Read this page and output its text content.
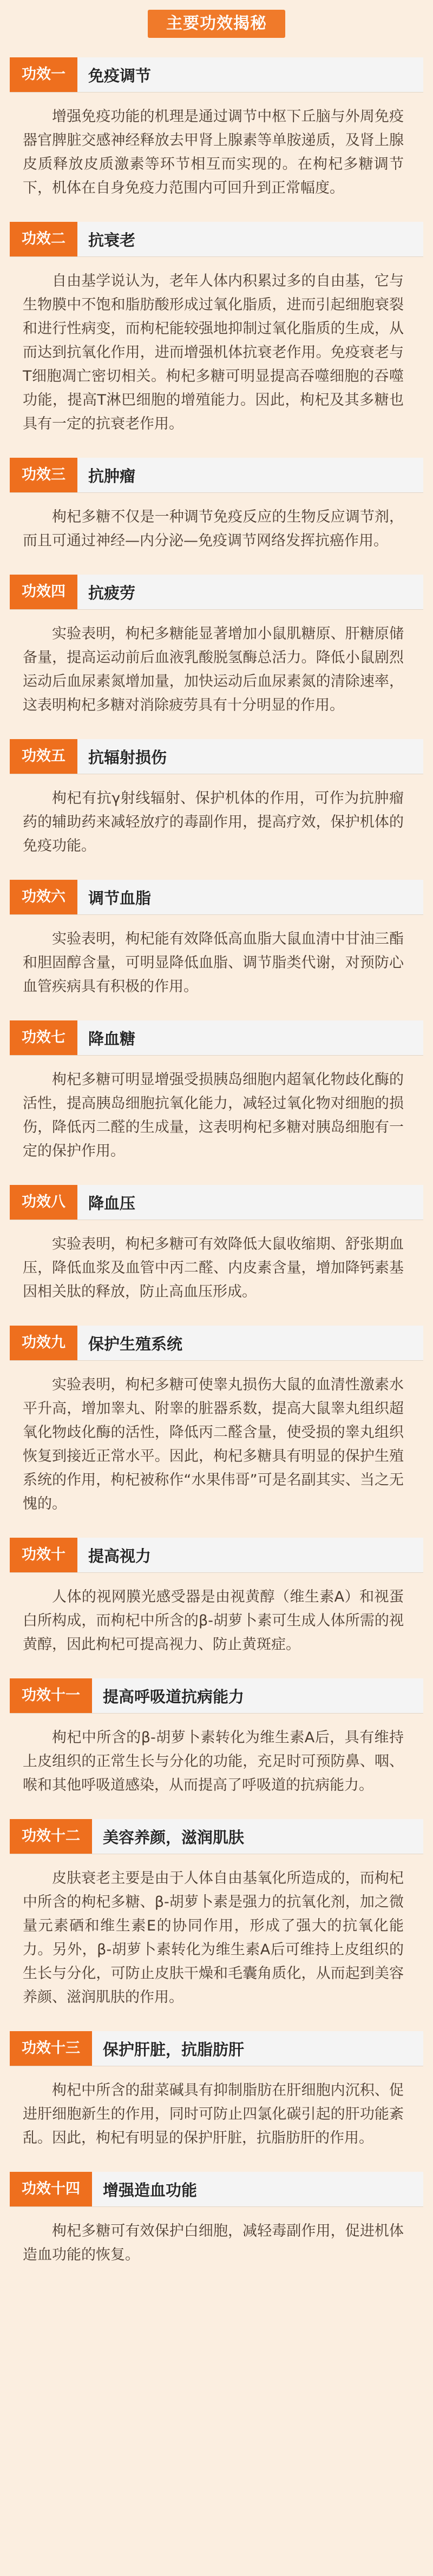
主要功效揭秘
功效一	免疫调节
增强免疫功能的机理是通过调节中枢下丘脑与外周免疫器官脾脏交感神经释放去甲肾上腺素等单胺递质，及肾上腺皮质释放皮质激素等环节相互而实现的。在枸杞多糖调节下，机体在自身免疫力范围内可回升到正常幅度。
功效二	抗衰老
自由基学说认为，老年人体内积累过多的自由基，它与生物膜中不饱和脂肪酸形成过氧化脂质，进而引起细胞衰裂和进行性病变，而枸杞能较强地抑制过氧化脂质的生成，从而达到抗氧化作用，进而增强机体抗衰老作用。免疫衰老与T细胞凋亡密切相关。枸杞多糖可明显提高吞噬细胞的吞噬功能，提高T淋巴细胞的增殖能力。因此，枸杞及其多糖也具有一定的抗衰老作用。
功效三	抗肿瘤
枸杞多糖不仅是一种调节免疫反应的生物反应调节剂，而且可通过神经—内分泌—免疫调节网络发挥抗癌作用。
功效四	抗疲劳
实验表明，枸杞多糖能显著增加小鼠肌糖原、肝糖原储备量，提高运动前后血液乳酸脱氢酶总活力。降低小鼠剧烈运动后血尿素氮增加量，加快运动后血尿素氮的清除速率，这表明枸杞多糖对消除疲劳具有十分明显的作用。
功效五	抗辐射损伤
枸杞有抗γ射线辐射、保护机体的作用，可作为抗肿瘤药的辅助药来减轻放疗的毒副作用，提高疗效，保护机体的免疫功能。
功效六	调节血脂
实验表明，枸杞能有效降低高血脂大鼠血清中甘油三酯和胆固醇含量，可明显降低血脂、调节脂类代谢，对预防心血管疾病具有积极的作用。
功效七	降血糖
枸杞多糖可明显增强受损胰岛细胞内超氧化物歧化酶的活性，提高胰岛细胞抗氧化能力，减轻过氧化物对细胞的损伤，降低丙二醛的生成量，这表明枸杞多糖对胰岛细胞有一定的保护作用。
功效八	降血压
实验表明，枸杞多糖可有效降低大鼠收缩期、舒张期血压，降低血浆及血管中丙二醛、内皮素含量，增加降钙素基因相关肽的释放，防止高血压形成。
功效九	保护生殖系统
实验表明，枸杞多糖可使睾丸损伤大鼠的血清性激素水平升高，增加睾丸、附睾的脏器系数，提高大鼠睾丸组织超氧化物歧化酶的活性，降低丙二醛含量，使受损的睾丸组织恢复到接近正常水平。因此，枸杞多糖具有明显的保护生殖系统的作用，枸杞被称作“水果伟哥”可是名副其实、当之无愧的。
功效十	提高视力
人体的视网膜光感受器是由视黄醇（维生素A）和视蛋白所构成，而枸杞中所含的β-胡萝卜素可生成人体所需的视黄醇，因此枸杞可提高视力、防止黄斑症。
功效十一	提高呼吸道抗病能力
枸杞中所含的β-胡萝卜素转化为维生素A后，具有维持上皮组织的正常生长与分化的功能，充足时可预防鼻、咽、喉和其他呼吸道感染，从而提高了呼吸道的抗病能力。
功效十二	美容养颜，滋润肌肤
皮肤衰老主要是由于人体自由基氧化所造成的，而枸杞中所含的枸杞多糖、β-胡萝卜素是强力的抗氧化剂，加之微量元素硒和维生素E的协同作用，形成了强大的抗氧化能力。另外，β-胡萝卜素转化为维生素A后可维持上皮组织的生长与分化，可防止皮肤干燥和毛囊角质化，从而起到美容养颜、滋润肌肤的作用。
功效十三	保护肝脏，抗脂肪肝
枸杞中所含的甜菜碱具有抑制脂肪在肝细胞内沉积、促进肝细胞新生的作用，同时可防止四氯化碳引起的肝功能紊乱。因此，枸杞有明显的保护肝脏，抗脂肪肝的作用。
功效十四	增强造血功能
枸杞多糖可有效保护白细胞，减轻毒副作用，促进机体造血功能的恢复。
